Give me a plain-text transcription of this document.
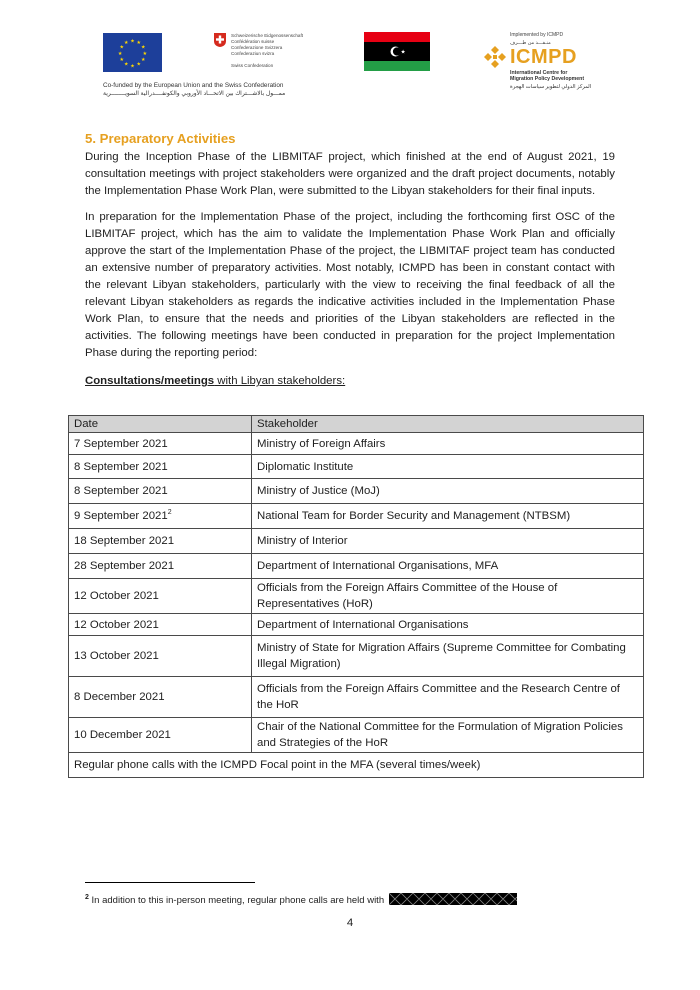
★ ★
★
★
★
★
★
★
★
★
★
★
Schweizerische Eidgenossenschaft
Confédération suisse
Confederazione Svizzera
Confederaziun svizra
Swiss Confederation
Co-funded by the European Union and the Swiss Confederation
ممـــول بالاشـــتراك بين الاتحـــاد الأوروبي والكونفــــدرالية السويــــــــرية
★
Implemented by ICMPD
منـفـــذ من طـــرف
ICMPD
International Centre for
Migration Policy Development
المركز الدولي لتطوير سياسات الهجرة
5. Preparatory Activities

During the Inception Phase of the LIBMITAF project, which finished at the end of August 2021, 19 consultation meetings with project stakeholders were organized and the draft project documents, notably the Implementation Phase Work Plan, were submitted to the Libyan stakeholders for their final inputs.

In preparation for the Implementation Phase of the project, including the forthcoming first OSC of the LIBMITAF project, which has the aim to validate the Implementation Phase Work Plan and officially approve the start of the Implementation Phase of the project, the LIBMITAF project team has conducted an extensive number of preparatory activities. Most notably, ICMPD has been in constant contact with the relevant Libyan stakeholders, particularly with the view to receiving the final feedback of all the relevant Libyan stakeholders as regards the indicative activities included in the Implementation Phase Work Plan, to ensure that the needs and priorities of the Libyan stakeholders are reflected in the activities. The following meetings have been conducted in preparation for the project Implementation Phase during the reporting period:

Consultations/meetings with Libyan stakeholders:
Date	Stakeholder
7 September 2021	Ministry of Foreign Affairs
8 September 2021	Diplomatic Institute
8 September 2021	Ministry of Justice (MoJ)
9 September 2021$^2$	National Team for Border Security and Management (NTBSM)
18 September 2021	Ministry of Interior
28 September 2021	Department of International Organisations, MFA
12 October 2021	Officials from the Foreign Affairs Committee of the House of Representatives (HoR)
12 October 2021	Department of International Organisations
13 October 2021	Ministry of State for Migration Affairs (Supreme Committee for Combating Illegal Migration)
8 December 2021	Officials from the Foreign Affairs Committee and the Research Centre of the HoR
10 December 2021	Chair of the National Committee for the Formulation of Migration Policies and Strategies of the HoR
Regular phone calls with the ICMPD Focal point in the MFA (several times/week)	
$^2$ In addition to this in-person meeting, regular phone calls are held with
4
